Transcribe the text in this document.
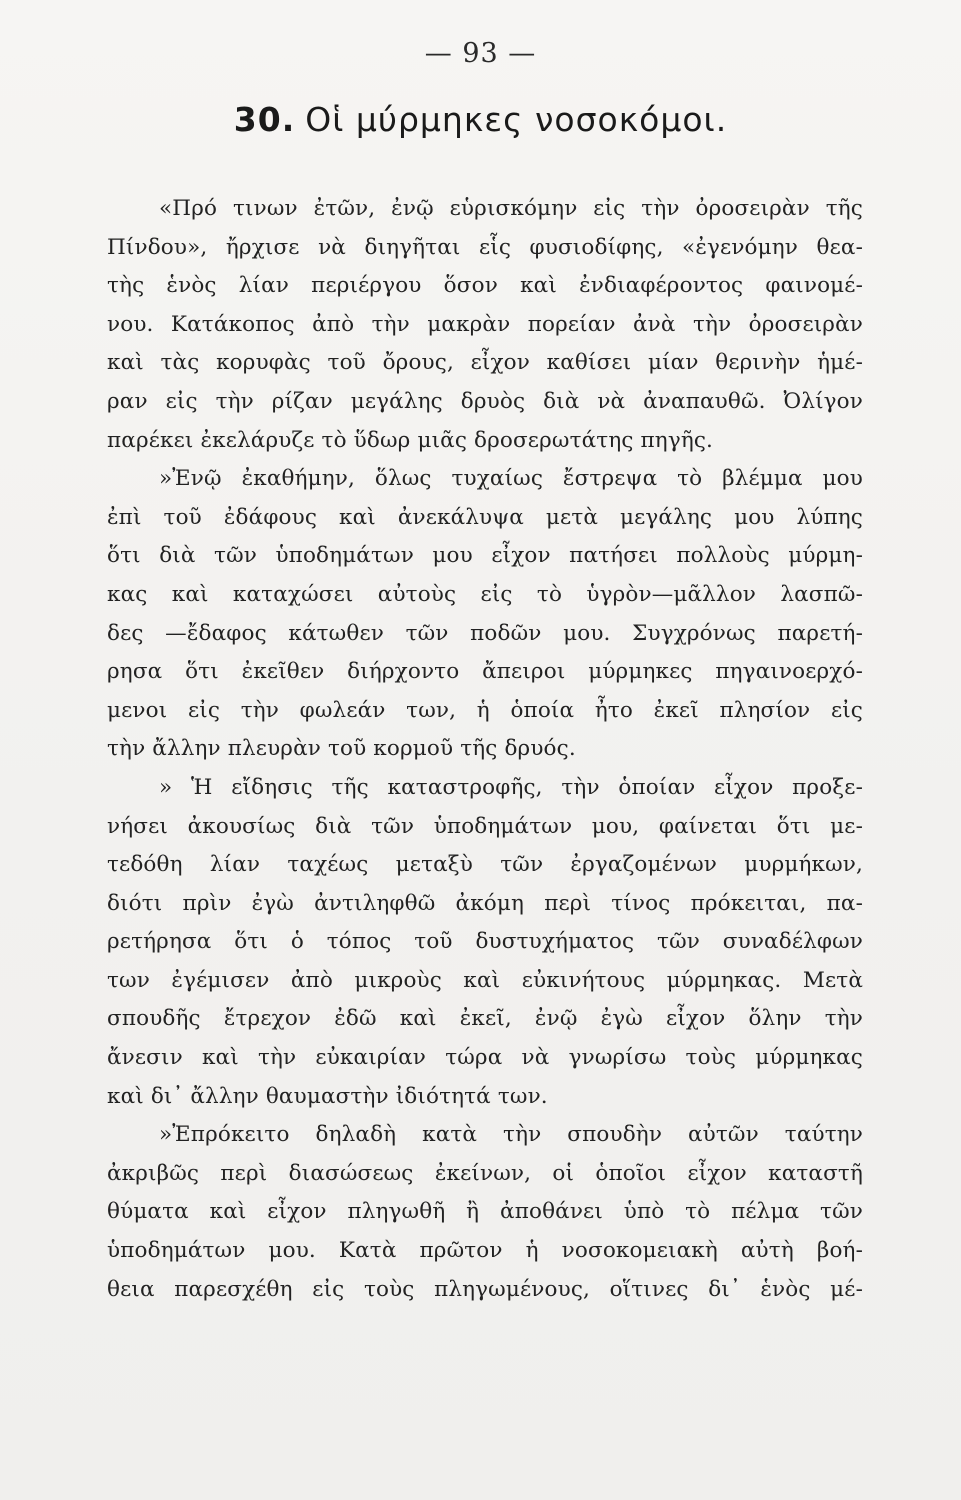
— 93 —
30. Οἱ μύρμηκες νοσοκόμοι.
«Πρό τινων ἐτῶν, ἐνῷ εὑρισκόμην εἰς τὴν ὀροσειρὰν τῆς
Πίνδου», ἤρχισε νὰ διηγῆται εἷς φυσιοδίφης, «ἐγενόμην θεα-
τὴς ἑνὸς λίαν περιέργου ὅσον καὶ ἐνδιαφέροντος φαινομέ-
νου. Κατάκοπος ἀπὸ τὴν μακρὰν πορείαν ἀνὰ τὴν ὀροσειρὰν
καὶ τὰς κορυφὰς τοῦ ὄρους, εἶχον καθίσει μίαν θερινὴν ἡμέ-
ραν εἰς τὴν ρίζαν μεγάλης δρυὸς διὰ νὰ ἀναπαυθῶ. Ὀλίγον
παρέκει ἐκελάρυζε τὸ ὕδωρ μιᾶς δροσερωτάτης πηγῆς.
»Ἐνῷ ἐκαθήμην, ὅλως τυχαίως ἔστρεψα τὸ βλέμμα μου
ἐπὶ τοῦ ἐδάφους καὶ ἀνεκάλυψα μετὰ μεγάλης μου λύπης
ὅτι διὰ τῶν ὑποδημάτων μου εἶχον πατήσει πολλοὺς μύρμη-
κας καὶ καταχώσει αὐτοὺς εἰς τὸ ὑγρὸν—μᾶλλον λασπῶ-
δες —ἔδαφος κάτωθεν τῶν ποδῶν μου. Συγχρόνως παρετή-
ρησα ὅτι ἐκεῖθεν διήρχοντο ἄπειροι μύρμηκες πηγαινοερχό-
μενοι εἰς τὴν φωλεάν των, ἡ ὁποία ἦτο ἐκεῖ πλησίον εἰς
τὴν ἄλλην πλευρὰν τοῦ κορμοῦ τῆς δρυός.
» Ἡ εἴδησις τῆς καταστροφῆς, τὴν ὁποίαν εἶχον προξε-
νήσει ἀκουσίως διὰ τῶν ὑποδημάτων μου, φαίνεται ὅτι με-
τεδόθη λίαν ταχέως μεταξὺ τῶν ἐργαζομένων μυρμήκων,
διότι πρὶν ἐγὼ ἀντιληφθῶ ἀκόμη περὶ τίνος πρόκειται, πα-
ρετήρησα ὅτι ὁ τόπος τοῦ δυστυχήματος τῶν συναδέλφων
των ἐγέμισεν ἀπὸ μικροὺς καὶ εὐκινήτους μύρμηκας. Μετὰ
σπουδῆς ἔτρεχον ἐδῶ καὶ ἐκεῖ, ἐνῷ ἐγὼ εἶχον ὅλην τὴν
ἄνεσιν καὶ τὴν εὐκαιρίαν τώρα νὰ γνωρίσω τοὺς μύρμηκας
καὶ δι᾽ ἄλλην θαυμαστὴν ἰδιότητά των.
»Ἐπρόκειτο δηλαδὴ κατὰ τὴν σπουδὴν αὐτῶν ταύτην
ἀκριβῶς περὶ διασώσεως ἐκείνων, οἱ ὁποῖοι εἶχον καταστῆ
θύματα καὶ εἶχον πληγωθῆ ἢ ἀποθάνει ὑπὸ τὸ πέλμα τῶν
ὑποδημάτων μου. Κατὰ πρῶτον ἡ νοσοκομειακὴ αὐτὴ βοή-
θεια παρεσχέθη εἰς τοὺς πληγωμένους, οἵτινες δι᾽ ἑνὸς μέ-
